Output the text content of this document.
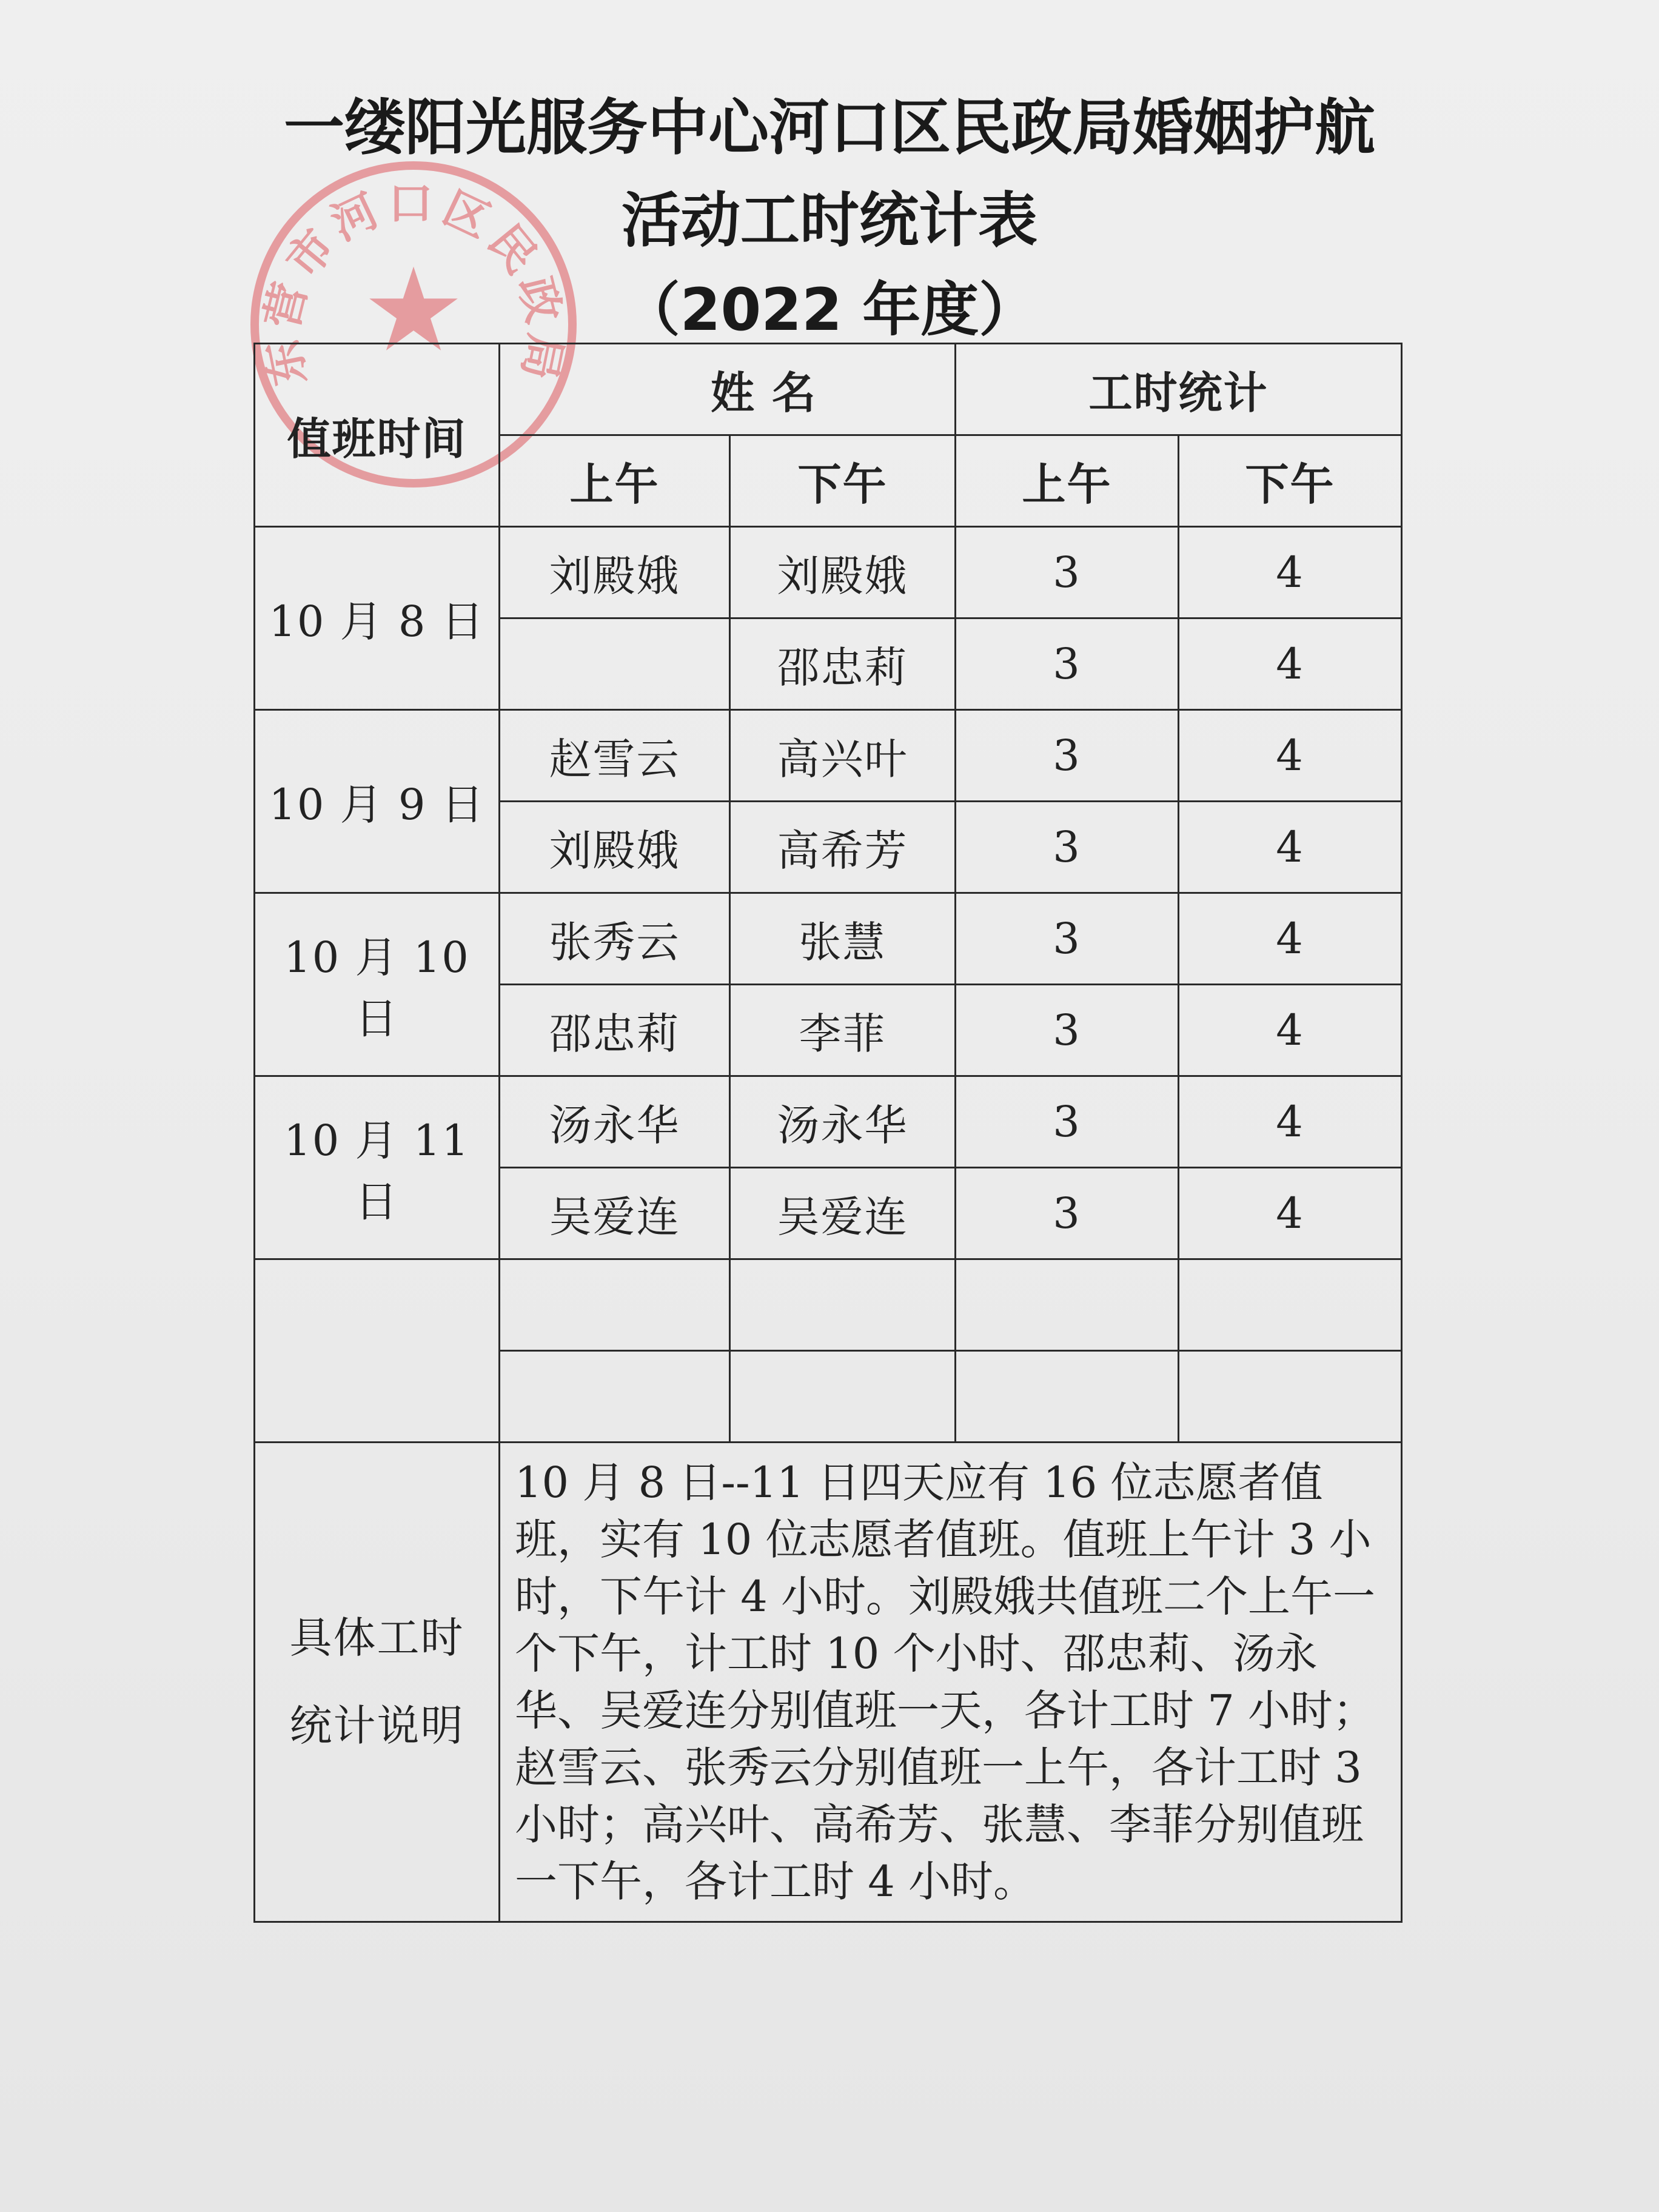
一缕阳光服务中心河口区民政局婚姻护航
活动工时统计表
（2022 年度）
东营市河口区民政局
★
值班时间	姓 名		工时统计	
	上午	下午	上午	下午
10 月 8 日	刘殿娥	刘殿娥	3	4
		邵忠莉	3	4
10 月 9 日	赵雪云	高兴叶	3	4
	刘殿娥	高希芳	3	4
10 月 10 日	张秀云	张慧	3	4
	邵忠莉	李菲	3	4
10 月 11 日	汤永华	汤永华	3	4
	吴爱连	吴爱连	3	4

具体工时
统计说明	10 月 8 日--11 日四天应有 16 位志愿者值班，实有 10 位志愿者值班。值班上午计 3 小时，下午计 4 小时。刘殿娥共值班二个上午一个下午，计工时 10 个小时、邵忠莉、汤永华、吴爱连分别值班一天，各计工时 7 小时；赵雪云、张秀云分别值班一上午，各计工时 3 小时；高兴叶、高希芳、张慧、李菲分别值班一下午，各计工时 4 小时。			
